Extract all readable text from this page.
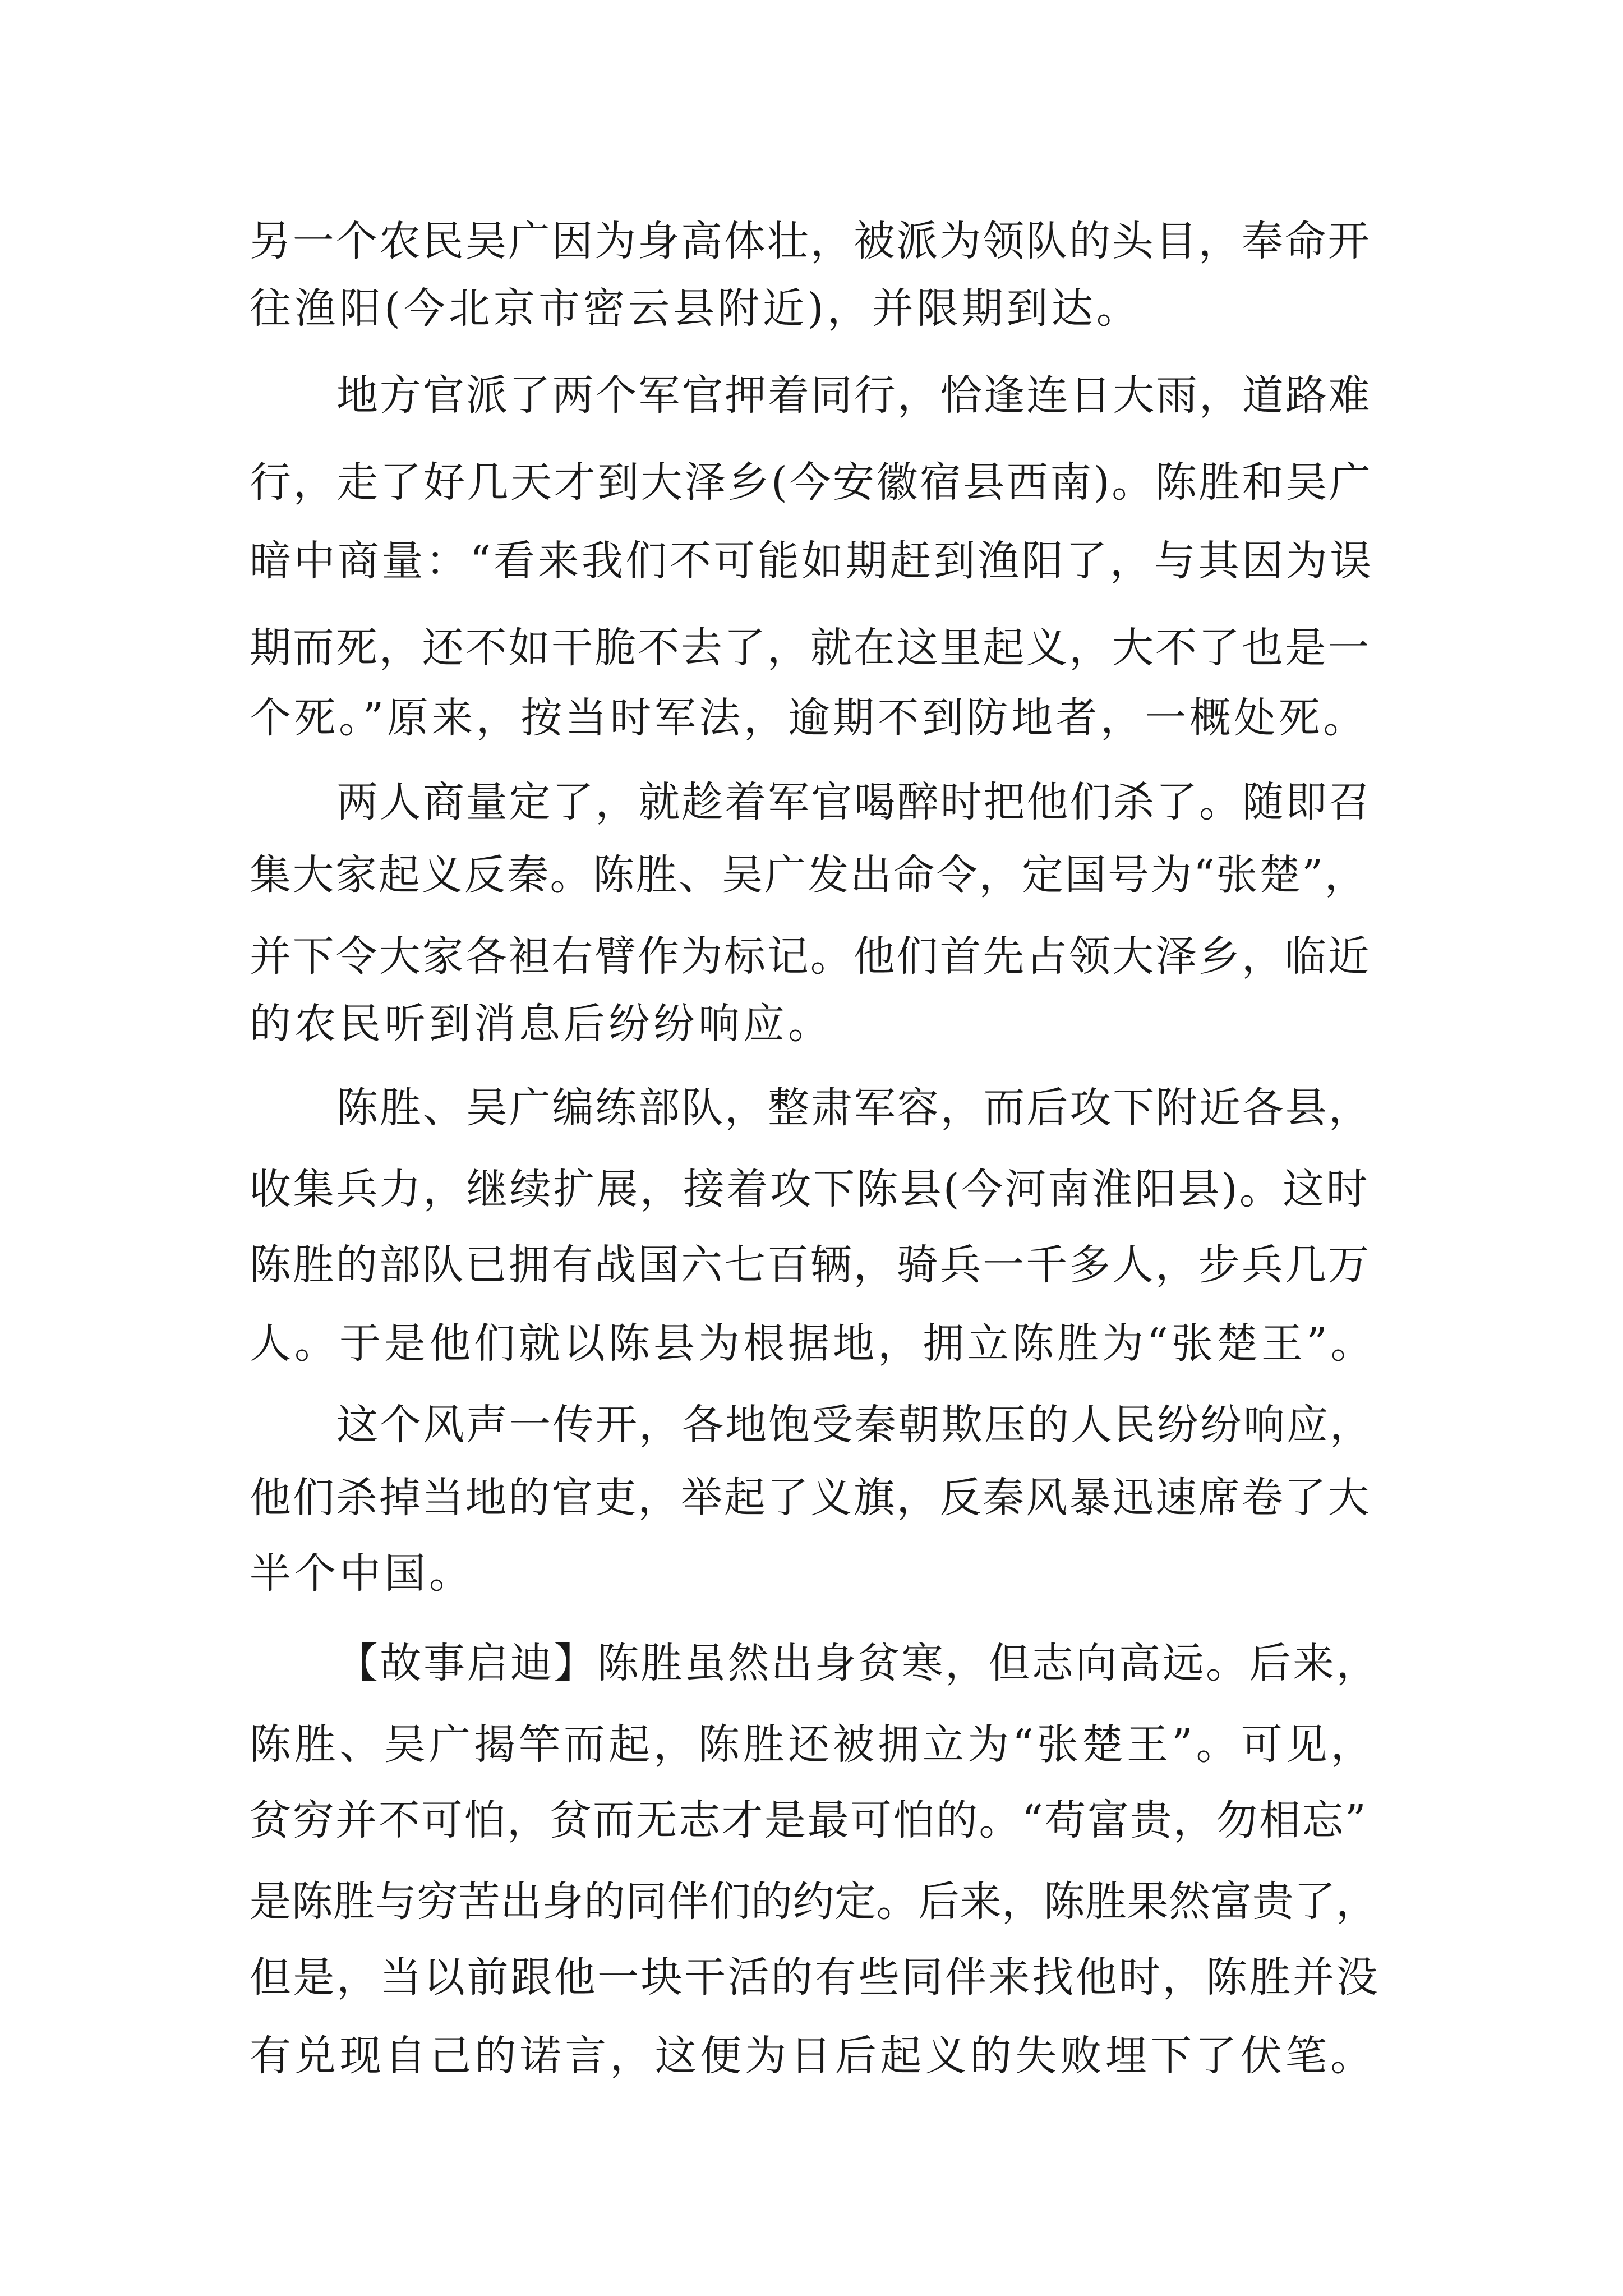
另一个农民吴广因为身高体壮，被派为领队的头目，奉命开

往渔阳(今北京市密云县附近)，并限期到达。

地方官派了两个军官押着同行，恰逢连日大雨，道路难

行，走了好几天才到大泽乡(今安徽宿县西南)。陈胜和吴广

暗中商量：“看来我们不可能如期赶到渔阳了，与其因为误

期而死，还不如干脆不去了，就在这里起义，大不了也是一

个死。”原来，按当时军法，逾期不到防地者，一概处死。

两人商量定了，就趁着军官喝醉时把他们杀了。随即召

集大家起义反秦。陈胜、吴广发出命令，定国号为“张楚”，

并下令大家各袒右臂作为标记。他们首先占领大泽乡，临近

的农民听到消息后纷纷响应。

陈胜、吴广编练部队，整肃军容，而后攻下附近各县，

收集兵力，继续扩展，接着攻下陈县(今河南淮阳县)。这时

陈胜的部队已拥有战国六七百辆，骑兵一千多人，步兵几万

人。于是他们就以陈县为根据地，拥立陈胜为“张楚王”。

这个风声一传开，各地饱受秦朝欺压的人民纷纷响应，

他们杀掉当地的官吏，举起了义旗，反秦风暴迅速席卷了大

半个中国。

【故事启迪】陈胜虽然出身贫寒，但志向高远。后来，

陈胜、吴广揭竿而起，陈胜还被拥立为“张楚王”。可见，

贫穷并不可怕，贫而无志才是最可怕的。“苟富贵，勿相忘”

是陈胜与穷苦出身的同伴们的约定。后来，陈胜果然富贵了，

但是，当以前跟他一块干活的有些同伴来找他时，陈胜并没

有兑现自己的诺言，这便为日后起义的失败埋下了伏笔。
